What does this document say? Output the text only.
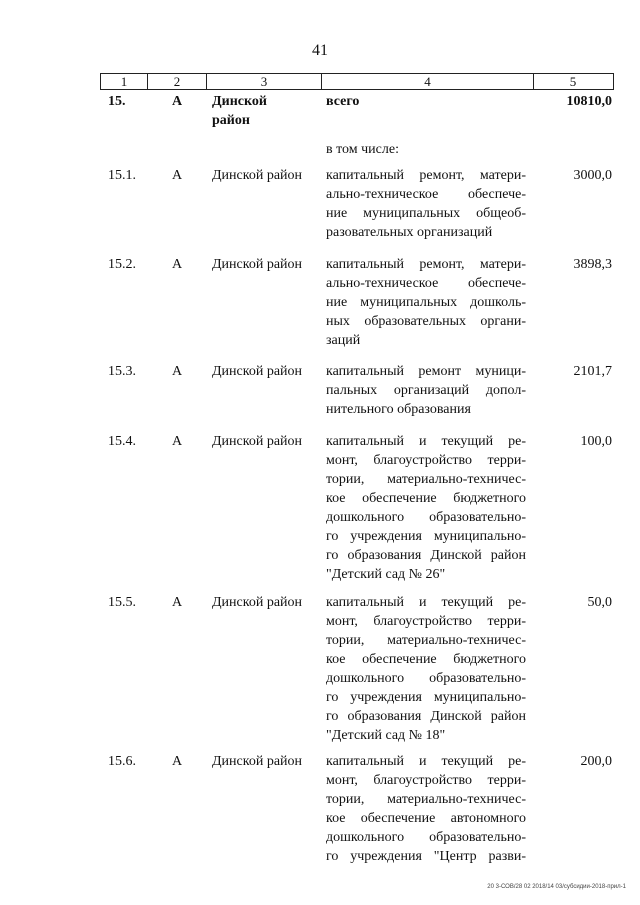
41
1	2	3	4	5
15.	А	Динской район
всего	10810,0
в том числе:
15.1.	А	Динской район	капитальный ремонт, матери-
ально-техническое обеспече-
ние муниципальных общеоб-
разовательных организаций
3000,0
15.2.	А	Динской район	капитальный ремонт, матери-
ально-техническое обеспече-
ние муниципальных дошколь-
ных образовательных органи-
заций
3898,3
15.3.	А	Динской район	капитальный ремонт муници-
пальных организаций допол-
нительного образования
2101,7
15.4.	А	Динской район	капитальный и текущий ре-
монт, благоустройство терри-
тории, материально-техничес-
кое обеспечение бюджетного
дошкольного образовательно-
го учреждения муниципально-
го образования Динской район
"Детский сад № 26"
100,0
15.5.	А	Динской район	капитальный и текущий ре-
монт, благоустройство терри-
тории, материально-техничес-
кое обеспечение бюджетного
дошкольного образовательно-
го учреждения муниципально-
го образования Динской район
"Детский сад № 18"
50,0
15.6.	А	Динской район	капитальный и текущий ре-
монт, благоустройство терри-
тории, материально-техничес-
кое обеспечение автономного
дошкольного образовательно-
го учреждения "Центр разви-
200,0
20 3-СОВ/28 02 2018/14 03/субсидии-2018-прил-1
